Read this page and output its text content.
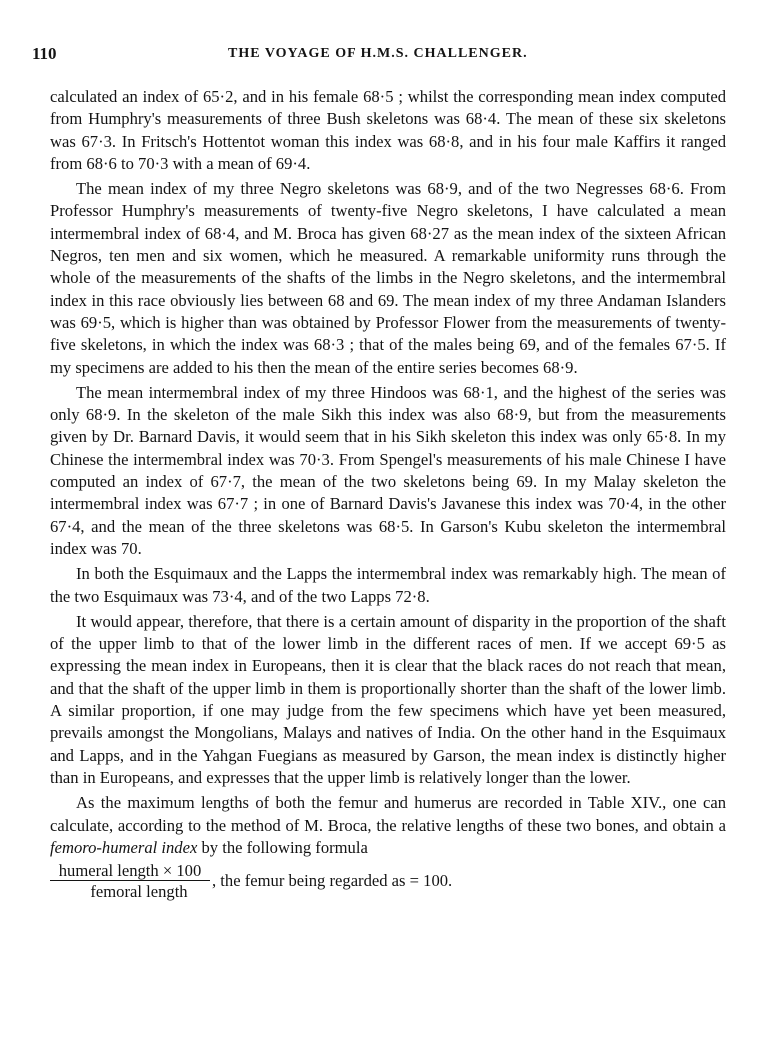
110	THE VOYAGE OF H.M.S. CHALLENGER.

calculated an index of 65·2, and in his female 68·5 ; whilst the corresponding mean index computed from Humphry's measurements of three Bush skeletons was 68·4. The mean of these six skeletons was 67·3. In Fritsch's Hottentot woman this index was 68·8, and in his four male Kaffirs it ranged from 68·6 to 70·3 with a mean of 69·4.

The mean index of my three Negro skeletons was 68·9, and of the two Negresses 68·6. From Professor Humphry's measurements of twenty-five Negro skeletons, I have calculated a mean intermembral index of 68·4, and M. Broca has given 68·27 as the mean index of the sixteen African Negros, ten men and six women, which he measured. A remarkable uniformity runs through the whole of the measurements of the shafts of the limbs in the Negro skeletons, and the intermembral index in this race obviously lies between 68 and 69. The mean index of my three Andaman Islanders was 69·5, which is higher than was obtained by Professor Flower from the measurements of twenty-five skeletons, in which the index was 68·3 ; that of the males being 69, and of the females 67·5. If my specimens are added to his then the mean of the entire series becomes 68·9.

The mean intermembral index of my three Hindoos was 68·1, and the highest of the series was only 68·9. In the skeleton of the male Sikh this index was also 68·9, but from the measurements given by Dr. Barnard Davis, it would seem that in his Sikh skeleton this index was only 65·8. In my Chinese the intermembral index was 70·3. From Spengel's measurements of his male Chinese I have computed an index of 67·7, the mean of the two skeletons being 69. In my Malay skeleton the intermembral index was 67·7 ; in one of Barnard Davis's Javanese this index was 70·4, in the other 67·4, and the mean of the three skeletons was 68·5. In Garson's Kubu skeleton the intermembral index was 70.

In both the Esquimaux and the Lapps the intermembral index was remarkably high. The mean of the two Esquimaux was 73·4, and of the two Lapps 72·8.

It would appear, therefore, that there is a certain amount of disparity in the proportion of the shaft of the upper limb to that of the lower limb in the different races of men. If we accept 69·5 as expressing the mean index in Europeans, then it is clear that the black races do not reach that mean, and that the shaft of the upper limb in them is proportionally shorter than the shaft of the lower limb. A similar proportion, if one may judge from the few specimens which have yet been measured, prevails amongst the Mongolians, Malays and natives of India. On the other hand in the Esquimaux and Lapps, and in the Yahgan Fuegians as measured by Garson, the mean index is distinctly higher than in Europeans, and expresses that the upper limb is relatively longer than the lower.

As the maximum lengths of both the femur and humerus are recorded in Table XIV., one can calculate, according to the method of M. Broca, the relative lengths of these two bones, and obtain a femoro-humeral index by the following formula

humeral length × 100
femoral length
, the femur being regarded as = 100.
